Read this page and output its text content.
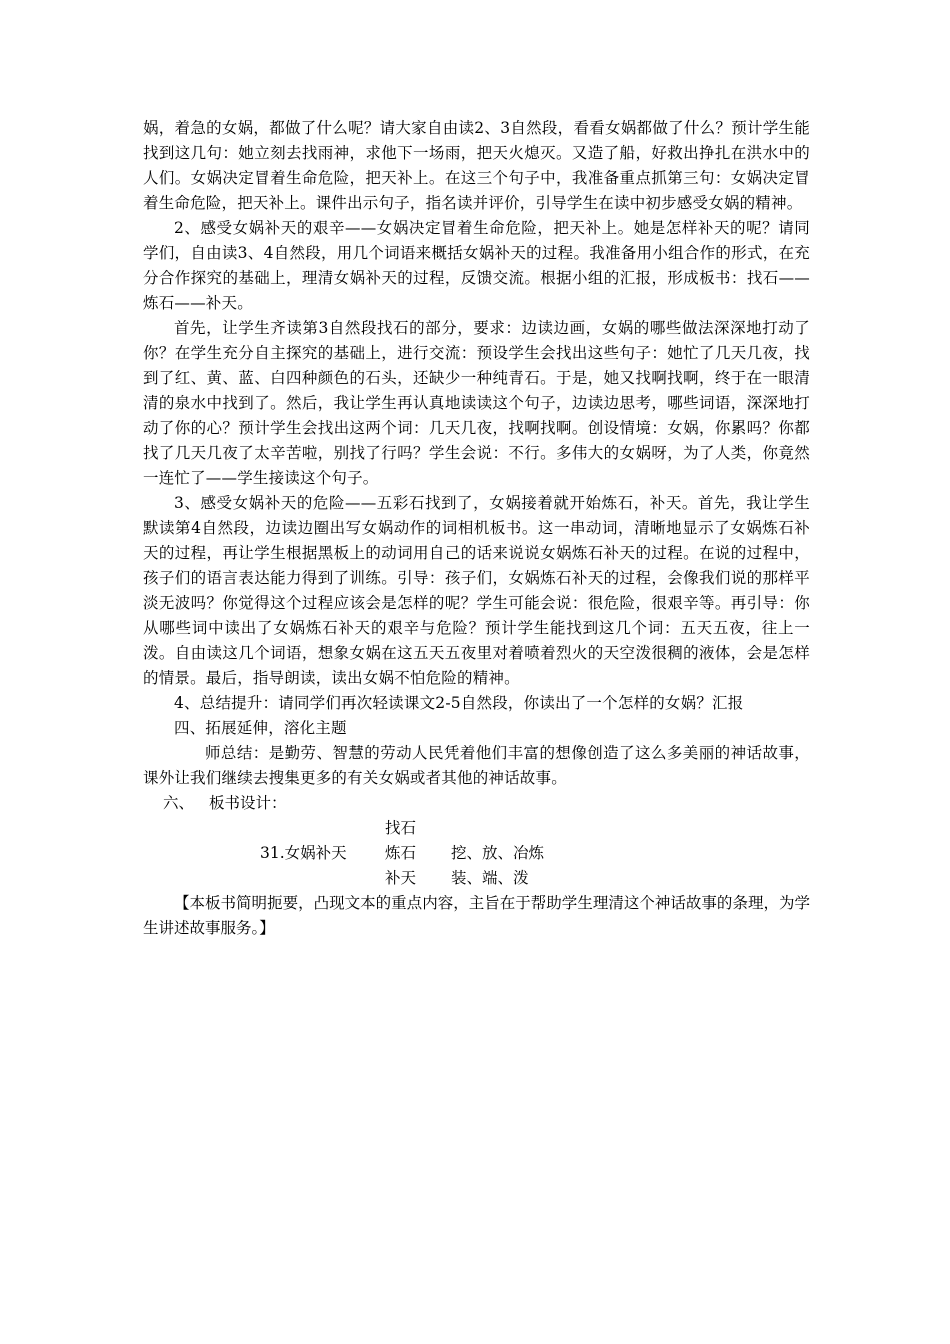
娲，着急的女娲，都做了什么呢？请大家自由读2、3自然段，看看女娲都做了什么？预计学生能找到这几句：她立刻去找雨神，求他下一场雨，把天火熄灭。又造了船，好救出挣扎在洪水中的人们。女娲决定冒着生命危险，把天补上。在这三个句子中，我准备重点抓第三句：女娲决定冒着生命危险，把天补上。课件出示句子，指名读并评价，引导学生在读中初步感受女娲的精神。

2、感受女娲补天的艰辛——女娲决定冒着生命危险，把天补上。她是怎样补天的呢？请同学们，自由读3、4自然段，用几个词语来概括女娲补天的过程。我准备用小组合作的形式，在充分合作探究的基础上，理清女娲补天的过程，反馈交流。根据小组的汇报，形成板书：找石——炼石——补天。

首先，让学生齐读第3自然段找石的部分，要求：边读边画，女娲的哪些做法深深地打动了你？在学生充分自主探究的基础上，进行交流：预设学生会找出这些句子：她忙了几天几夜，找到了红、黄、蓝、白四种颜色的石头，还缺少一种纯青石。于是，她又找啊找啊，终于在一眼清清的泉水中找到了。然后，我让学生再认真地读读这个句子，边读边思考，哪些词语，深深地打动了你的心？预计学生会找出这两个词：几天几夜，找啊找啊。创设情境：女娲，你累吗？你都找了几天几夜了太辛苦啦，别找了行吗？学生会说：不行。多伟大的女娲呀，为了人类，你竟然一连忙了——学生接读这个句子。

3、感受女娲补天的危险——五彩石找到了，女娲接着就开始炼石，补天。首先，我让学生默读第4自然段，边读边圈出写女娲动作的词相机板书。这一串动词，清晰地显示了女娲炼石补天的过程，再让学生根据黑板上的动词用自己的话来说说女娲炼石补天的过程。在说的过程中，孩子们的语言表达能力得到了训练。引导：孩子们，女娲炼石补天的过程，会像我们说的那样平淡无波吗？你觉得这个过程应该会是怎样的呢？学生可能会说：很危险，很艰辛等。再引导：你从哪些词中读出了女娲炼石补天的艰辛与危险？预计学生能找到这几个词：五天五夜，往上一泼。自由读这几个词语，想象女娲在这五天五夜里对着喷着烈火的天空泼很稠的液体，会是怎样的情景。最后，指导朗读，读出女娲不怕危险的精神。

4、总结提升：请同学们再次轻读课文2-5自然段，你读出了一个怎样的女娲？汇报

四、拓展延伸，溶化主题

师总结：是勤劳、智慧的劳动人民凭着他们丰富的想像创造了这么多美丽的神话故事，课外让我们继续去搜集更多的有关女娲或者其他的神话故事。

六、 板书设计：

找石
31.女娲补天 炼石 挖、放、冶炼
补天 装、端、泼

【本板书简明扼要，凸现文本的重点内容，主旨在于帮助学生理清这个神话故事的条理，为学生讲述故事服务。】
